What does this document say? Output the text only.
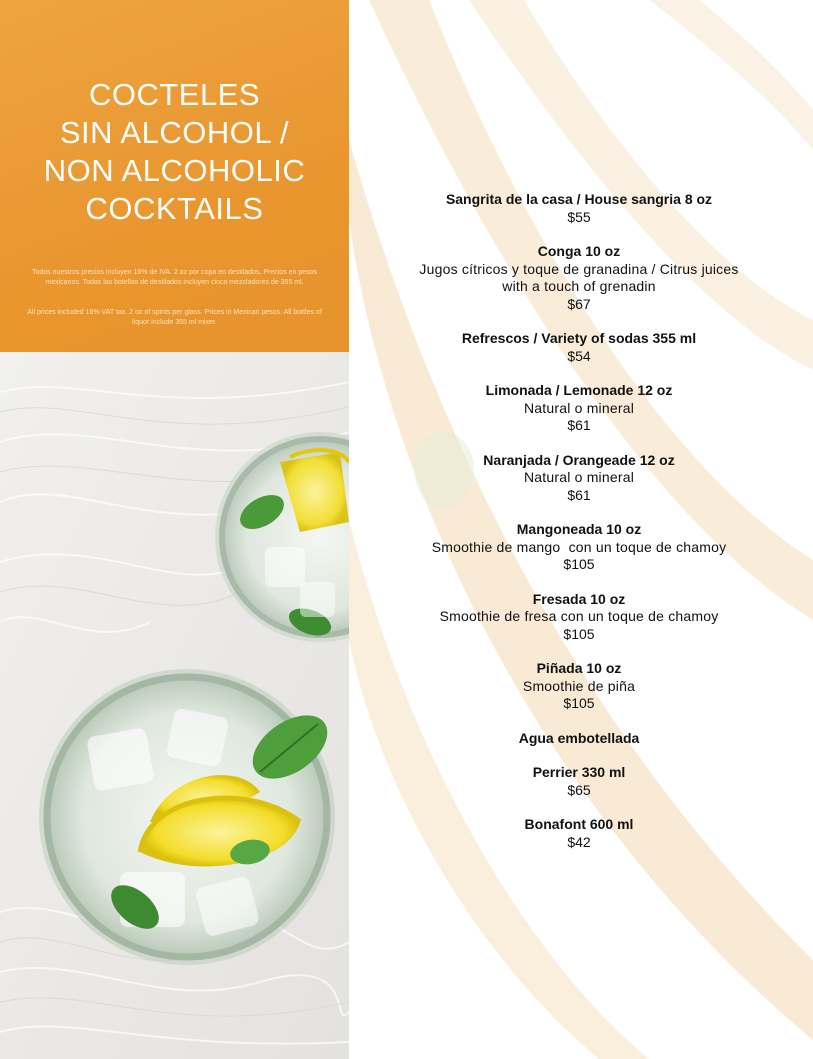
COCTELES
SIN ALCOHOL /
NON ALCOHOLIC
COCKTAILS
Todos nuestros precios incluyen 16% de IVA. 2 oz por copa en destilados. Precios en pesos mexicanos. Todas las botellas de destilados incluyen cinco mezcladores de 355 ml.
All prices included 16% VAT tax. 2 oz of spirits per glass. Prices in Mexican pesos. All bottles of liquor include 355 ml mixer.
Sangrita de la casa / House sangria 8 oz
$55
Conga 10 oz
Jugos cítricos y toque de granadina / Citrus juices
with a touch of grenadin
$67
Refrescos / Variety of sodas 355 ml
$54
Limonada / Lemonade 12 oz
Natural o mineral
$61
Naranjada / Orangeade 12 oz
Natural o mineral
$61
Mangoneada 10 oz
Smoothie de mango  con un toque de chamoy
$105
Fresada 10 oz
Smoothie de fresa con un toque de chamoy
$105
Piñada 10 oz
Smoothie de piña
$105
Agua embotellada
Perrier 330 ml
$65
Bonafont 600 ml
$42
